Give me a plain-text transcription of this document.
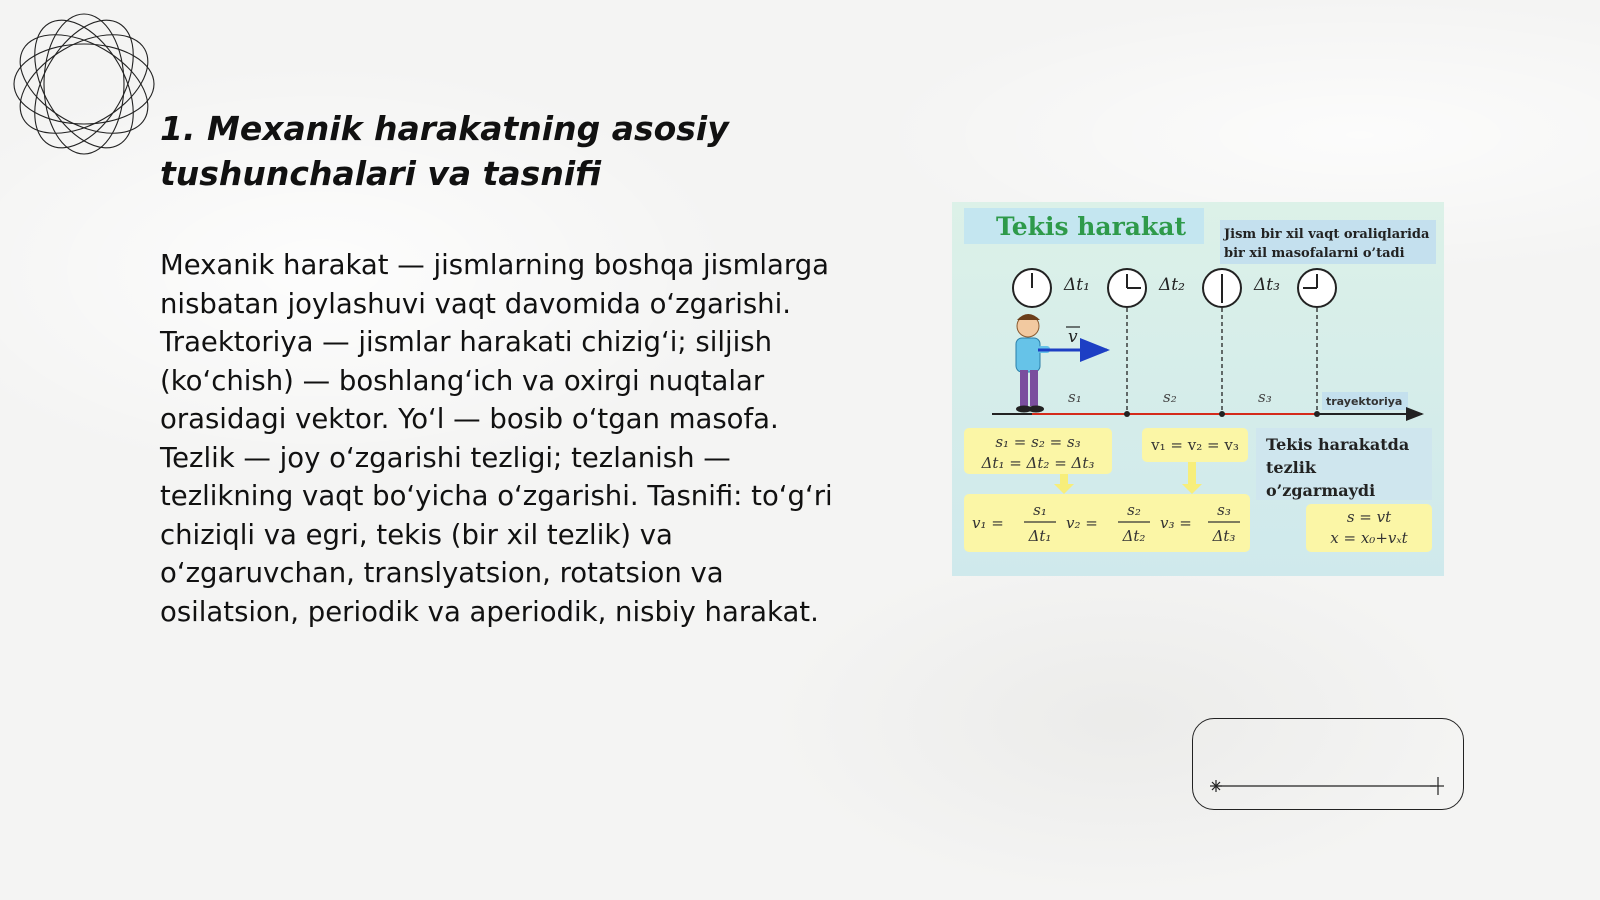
1. Mexanik harakatning asosiy
tushunchalari va tasnifi

Mexanik harakat — jismlarning boshqa jismlarga nisbatan joylashuvi vaqt davomida o‘zgarishi. Traektoriya — jismlar harakati chizig‘i; siljish (ko‘chish) — boshlang‘ich va oxirgi nuqtalar orasidagi vektor. Yo‘l — bosib o‘tgan masofa. Tezlik — joy o‘zgarishi tezligi; tezlanish — tezlikning vaqt bo‘yicha o‘zgarishi. Tasnifi: to‘g‘ri chiziqli va egri, tekis (bir xil tezlik) va o‘zgaruvchan, translyatsion, rotatsion va osilatsion, periodik va aperiodik, nisbiy harakat.

Tekis harakat	Jism bir xil vaqt oraliqlarida
bir xil masofalarni o’tadi
Δt₁	Δt₂	Δt₃
v
s₁	s₂	s₃	trayektoriya
s₁ = s₂ = s₃
Δt₁ = Δt₂ = Δt₃
v₁ = v₂ = v₃ Tekis harakatda
tezlik
o’zgarmaydi
v₁ =
s₁
Δt₁
v₂ =
s₂
Δt₂
v₃ =
s₃
Δt₃
s = vt
x = x₀+vₓt
